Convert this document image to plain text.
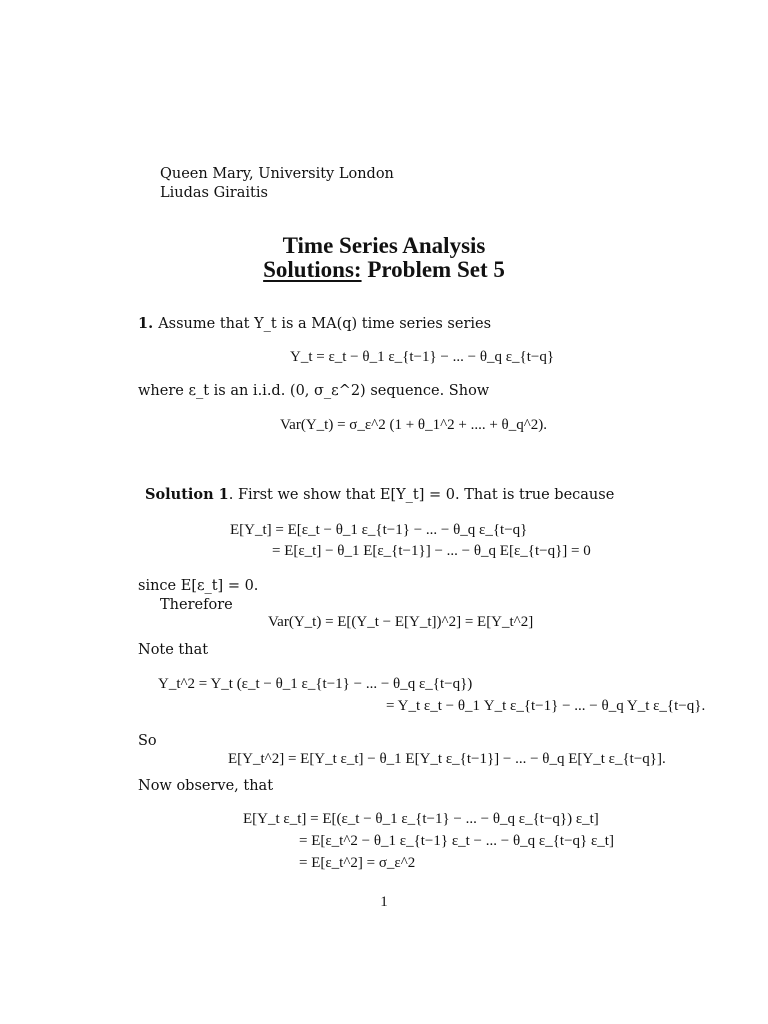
Queen Mary, University London
Liudas Giraitis
Time Series Analysis
Solutions: Problem Set 5
1. Assume that Y_t is a MA(q) time series series
Y_t = ε_t − θ_1 ε_{t−1} − ... − θ_q ε_{t−q}
where ε_t is an i.i.d. (0, σ_ε^2) sequence. Show
Var(Y_t) = σ_ε^2 (1 + θ_1^2 + .... + θ_q^2).
Solution 1. First we show that E[Y_t] = 0. That is true because
E[Y_t] = E[ε_t − θ_1 ε_{t−1} − ... − θ_q ε_{t−q}
= E[ε_t] − θ_1 E[ε_{t−1}] − ... − θ_q E[ε_{t−q}] = 0
since E[ε_t] = 0.
Therefore
Var(Y_t) = E[(Y_t − E[Y_t])^2] = E[Y_t^2]
Note that
Y_t^2 = Y_t (ε_t − θ_1 ε_{t−1} − ... − θ_q ε_{t−q})
= Y_t ε_t − θ_1 Y_t ε_{t−1} − ... − θ_q Y_t ε_{t−q}.
So
E[Y_t^2] = E[Y_t ε_t] − θ_1 E[Y_t ε_{t−1}] − ... − θ_q E[Y_t ε_{t−q}].
Now observe, that
E[Y_t ε_t] = E[(ε_t − θ_1 ε_{t−1} − ... − θ_q ε_{t−q}) ε_t]
= E[ε_t^2 − θ_1 ε_{t−1} ε_t − ... − θ_q ε_{t−q} ε_t]
= E[ε_t^2] = σ_ε^2
1
